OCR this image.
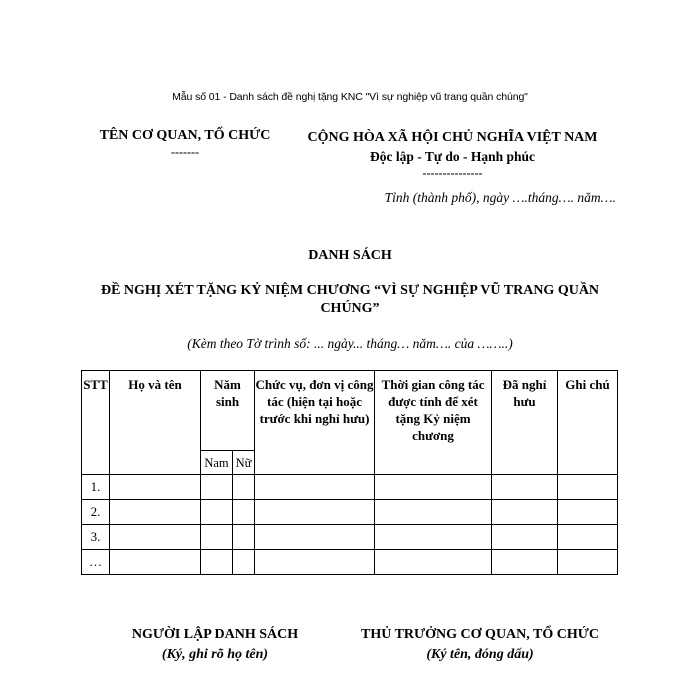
Mẫu số 01 - Danh sách đề nghị tặng KNC "Vì sự nghiệp vũ trang quần chúng"
TÊN CƠ QUAN, TỔ CHỨC
-------
CỘNG HÒA XÃ HỘI CHỦ NGHĨA VIỆT NAM
Độc lập - Tự do - Hạnh phúc
---------------
Tỉnh (thành phố), ngày ….tháng…. năm….
DANH SÁCH
ĐỀ NGHỊ XÉT TẶNG KỶ NIỆM CHƯƠNG “VÌ SỰ NGHIỆP VŨ TRANG QUẦN CHÚNG”
(Kèm theo Tờ trình số: ... ngày... tháng… năm…. của ……..)
STT	Họ và tên	Năm sinh		Chức vụ, đơn vị công tác (hiện tại hoặc trước khi nghỉ hưu)	Thời gian công tác được tính để xét tặng Kỷ niệm chương	Đã nghỉ hưu	Ghi chú
		Nam	Nữ				
1.							
2.							
3.							
…							
NGƯỜI LẬP DANH SÁCH
(Ký, ghi rõ họ tên)
THỦ TRƯỞNG CƠ QUAN, TỔ CHỨC
(Ký tên, đóng dấu)
